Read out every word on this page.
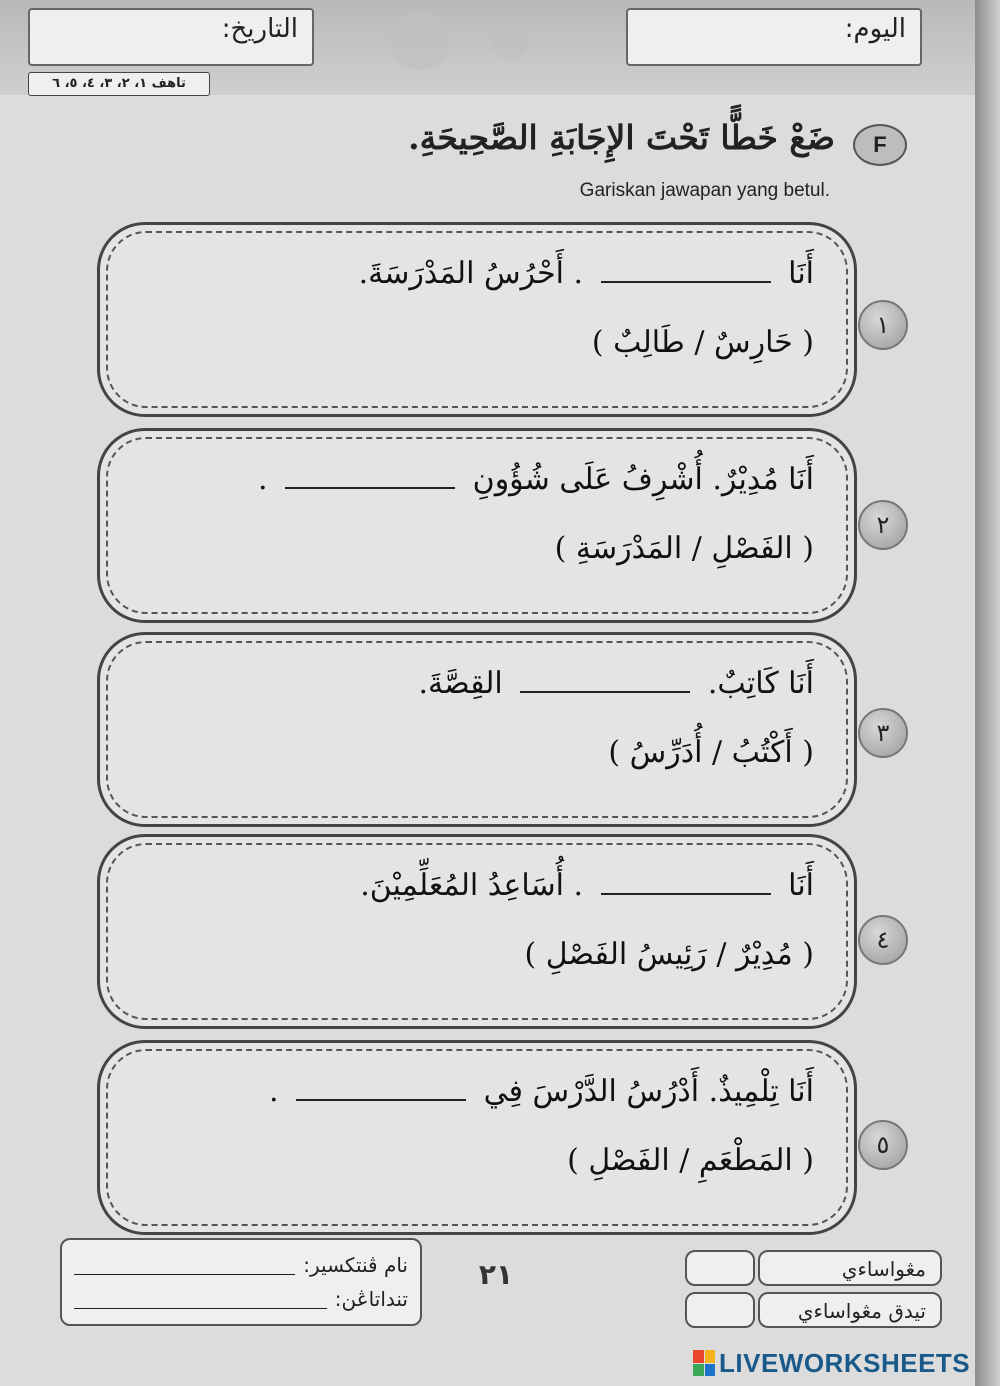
اليوم:
التاريخ:
تاهف ١، ٢، ٣، ٤، ٥، ٦
F
ضَعْ خَطًّا تَحْتَ الإِجَابَةِ الصَّحِيحَةِ.
Gariskan jawapan yang betul.
أَنَا  . أَحْرُسُ المَدْرَسَةَ.
( حَارِسٌ / طَالِبٌ )	١
أَنَا مُدِيْرٌ. أُشْرِفُ عَلَى شُؤُونِ  .
( الفَصْلِ / المَدْرَسَةِ )
٢
أَنَا كَاتِبٌ.  القِصَّةَ.
( أَكْتُبُ / أُدَرِّسُ )
٣
أَنَا  . أُسَاعِدُ المُعَلِّمِيْنَ.
( مُدِيْرٌ / رَئِيسُ الفَصْلِ )	٤
أَنَا تِلْمِيذٌ. أَدْرُسُ الدَّرْسَ فِي  .
( المَطْعَمِ / الفَصْلِ )	٥
نام ڤنتكسير:
تنداتاڠن:
٢١	مڠواساءي
تيدق مڠواساءي
LIVEWORKSHEETS
